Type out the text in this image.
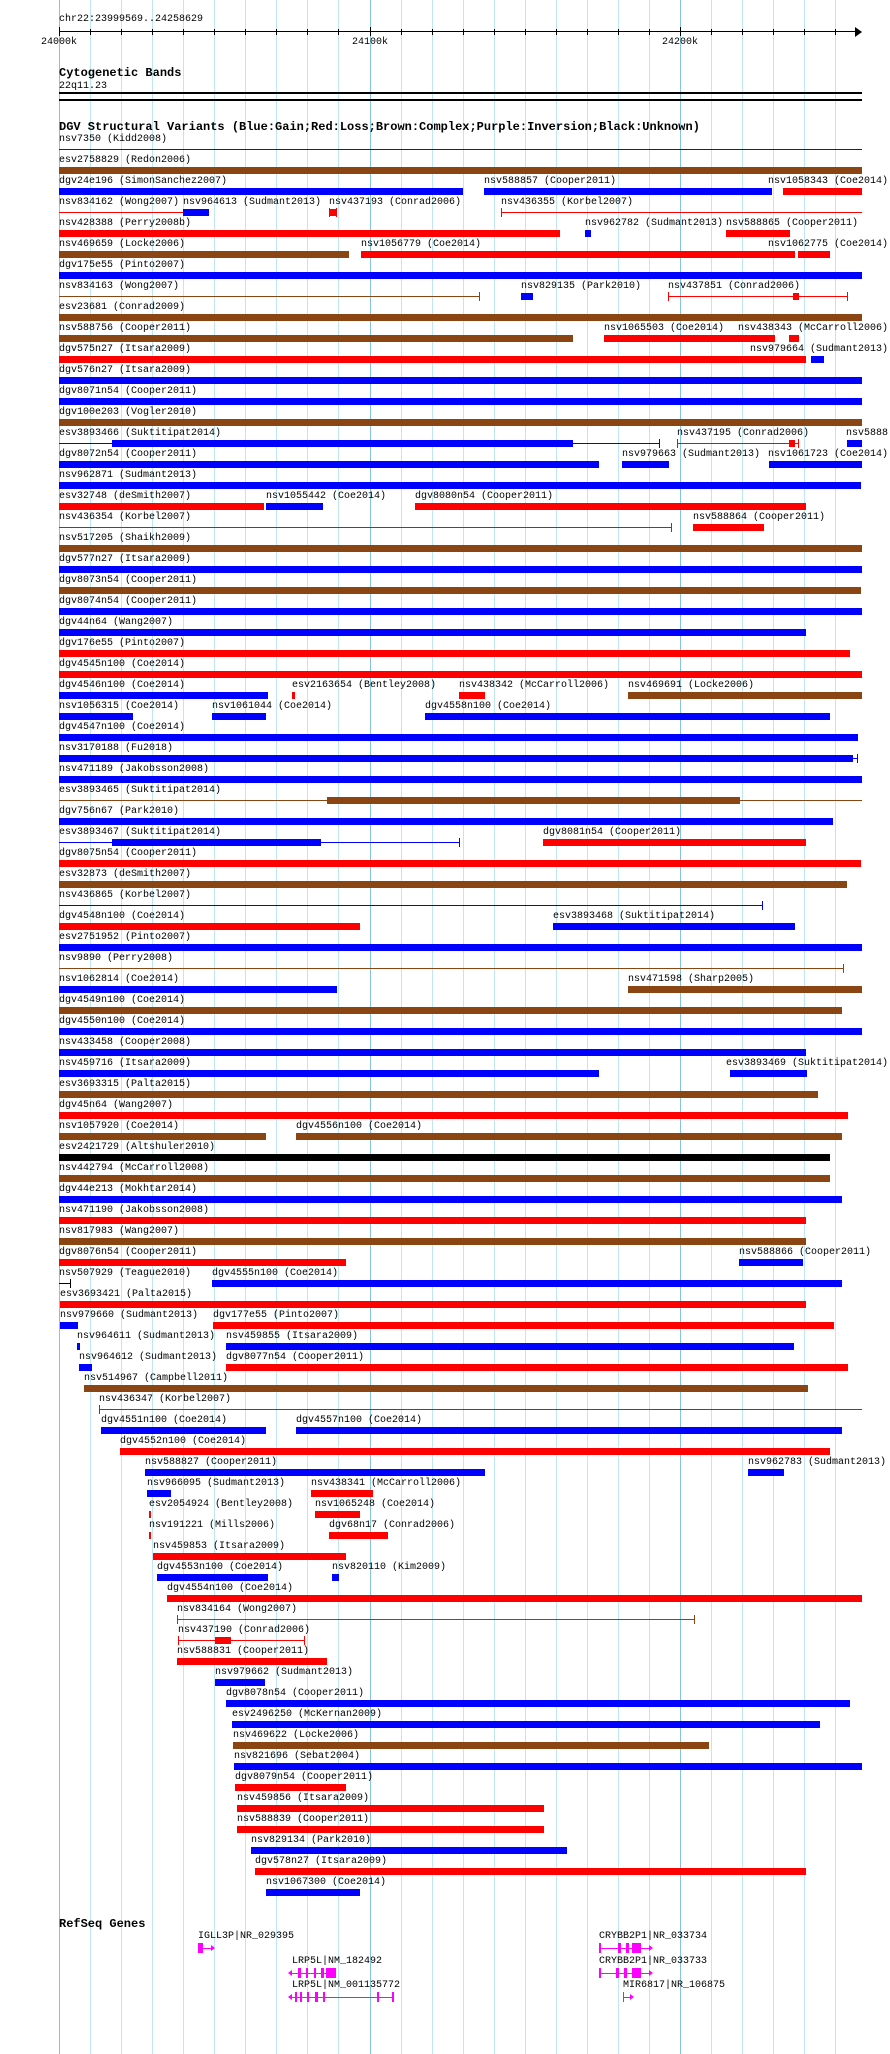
chr22:23999569..24258629
24000k	24100k	24200k
Cytogenetic Bands
22q11.23
DGV Structural Variants (Blue:Gain;Red:Loss;Brown:Complex;Purple:Inversion;Black:Unknown)
nsv7350 (Kidd2008)
esv2758829 (Redon2006)
dgv24e196 (SimonSanchez2007)	nsv588857 (Cooper2011)	nsv1058343 (Coe2014)
nsv834162 (Wong2007) nsv964613 (Sudmant2013) nsv437193 (Conrad2006)	nsv436355 (Korbel2007)
nsv428388 (Perry2008b)	nsv962782 (Sudmant2013) nsv588865 (Cooper2011)
nsv469659 (Locke2006)	nsv1056779 (Coe2014)	nsv1062775 (Coe2014)
dgv175e55 (Pinto2007)
nsv834163 (Wong2007)	nsv829135 (Park2010)	nsv437851 (Conrad2006)
esv23681 (Conrad2009)
nsv588756 (Cooper2011)	nsv1065503 (Coe2014) nsv438343 (McCarroll2006)
dgv575n27 (Itsara2009)	nsv979664 (Sudmant2013)
dgv576n27 (Itsara2009)
dgv8071n54 (Cooper2011)
dgv100e203 (Vogler2010)
esv3893466 (Suktitipat2014)	nsv437195 (Conrad2006)	nsv5888
dgv8072n54 (Cooper2011)	nsv979663 (Sudmant2013) nsv1061723 (Coe2014)
nsv962871 (Sudmant2013)
esv32748 (deSmith2007)	nsv1055442 (Coe2014)	dgv8080n54 (Cooper2011)
nsv436354 (Korbel2007)	nsv588864 (Cooper2011)
nsv517205 (Shaikh2009)
dgv577n27 (Itsara2009)
dgv8073n54 (Cooper2011)
dgv8074n54 (Cooper2011)
dgv44n64 (Wang2007)
dgv176e55 (Pinto2007)
dgv4545n100 (Coe2014)
dgv4546n100 (Coe2014)	esv2163654 (Bentley2008) nsv438342 (McCarroll2006) nsv469691 (Locke2006)
nsv1056315 (Coe2014)	nsv1061044 (Coe2014)	dgv4558n100 (Coe2014)
dgv4547n100 (Coe2014)
nsv3170188 (Fu2018)
nsv471189 (Jakobsson2008)
esv3893465 (Suktitipat2014)
dgv756n67 (Park2010)
esv3893467 (Suktitipat2014)	dgv8081n54 (Cooper2011)
dgv8075n54 (Cooper2011)
esv32873 (deSmith2007)
nsv436865 (Korbel2007)
dgv4548n100 (Coe2014)	esv3893468 (Suktitipat2014)
esv2751952 (Pinto2007)
nsv9890 (Perry2008)
nsv1062814 (Coe2014)	nsv471598 (Sharp2005)
dgv4549n100 (Coe2014)
dgv4550n100 (Coe2014)
nsv433458 (Cooper2008)
nsv459716 (Itsara2009)	esv3893469 (Suktitipat2014)
esv3693315 (Palta2015)
dgv45n64 (Wang2007)
nsv1057920 (Coe2014)	dgv4556n100 (Coe2014)
esv2421729 (Altshuler2010)
nsv442794 (McCarroll2008)
dgv44e213 (Mokhtar2014)
nsv471190 (Jakobsson2008)
nsv817983 (Wang2007)
dgv8076n54 (Cooper2011)	nsv588866 (Cooper2011)
nsv507929 (Teague2010) dgv4555n100 (Coe2014)
esv3693421 (Palta2015)
nsv979660 (Sudmant2013) dgv177e55 (Pinto2007)
nsv964611 (Sudmant2013) nsv459855 (Itsara2009)
nsv964612 (Sudmant2013) dgv8077n54 (Cooper2011)
nsv514967 (Campbell2011)
nsv436347 (Korbel2007)
dgv4551n100 (Coe2014)	dgv4557n100 (Coe2014)
dgv4552n100 (Coe2014)
nsv588827 (Cooper2011)	nsv962783 (Sudmant2013)
nsv966095 (Sudmant2013)	nsv438341 (McCarroll2006)
esv2054924 (Bentley2008) nsv1065248 (Coe2014)
nsv191221 (Mills2006)	dgv68n17 (Conrad2006)
nsv459853 (Itsara2009)
dgv4553n100 (Coe2014)	nsv820110 (Kim2009)
dgv4554n100 (Coe2014)
nsv834164 (Wong2007)
nsv437190 (Conrad2006)
nsv588831 (Cooper2011)
nsv979662 (Sudmant2013)
dgv8078n54 (Cooper2011)
esv2496250 (McKernan2009)
nsv469622 (Locke2006)
nsv821696 (Sebat2004)
dgv8079n54 (Cooper2011)
nsv459856 (Itsara2009)
nsv588839 (Cooper2011)
nsv829134 (Park2010)
dgv578n27 (Itsara2009)
nsv1067300 (Coe2014)
RefSeq Genes
IGLL3P|NR_029395	CRYBB2P1|NR_033734
LRP5L|NM_182492	CRYBB2P1|NR_033733
LRP5L|NM_001135772	MIR6817|NR_106875
